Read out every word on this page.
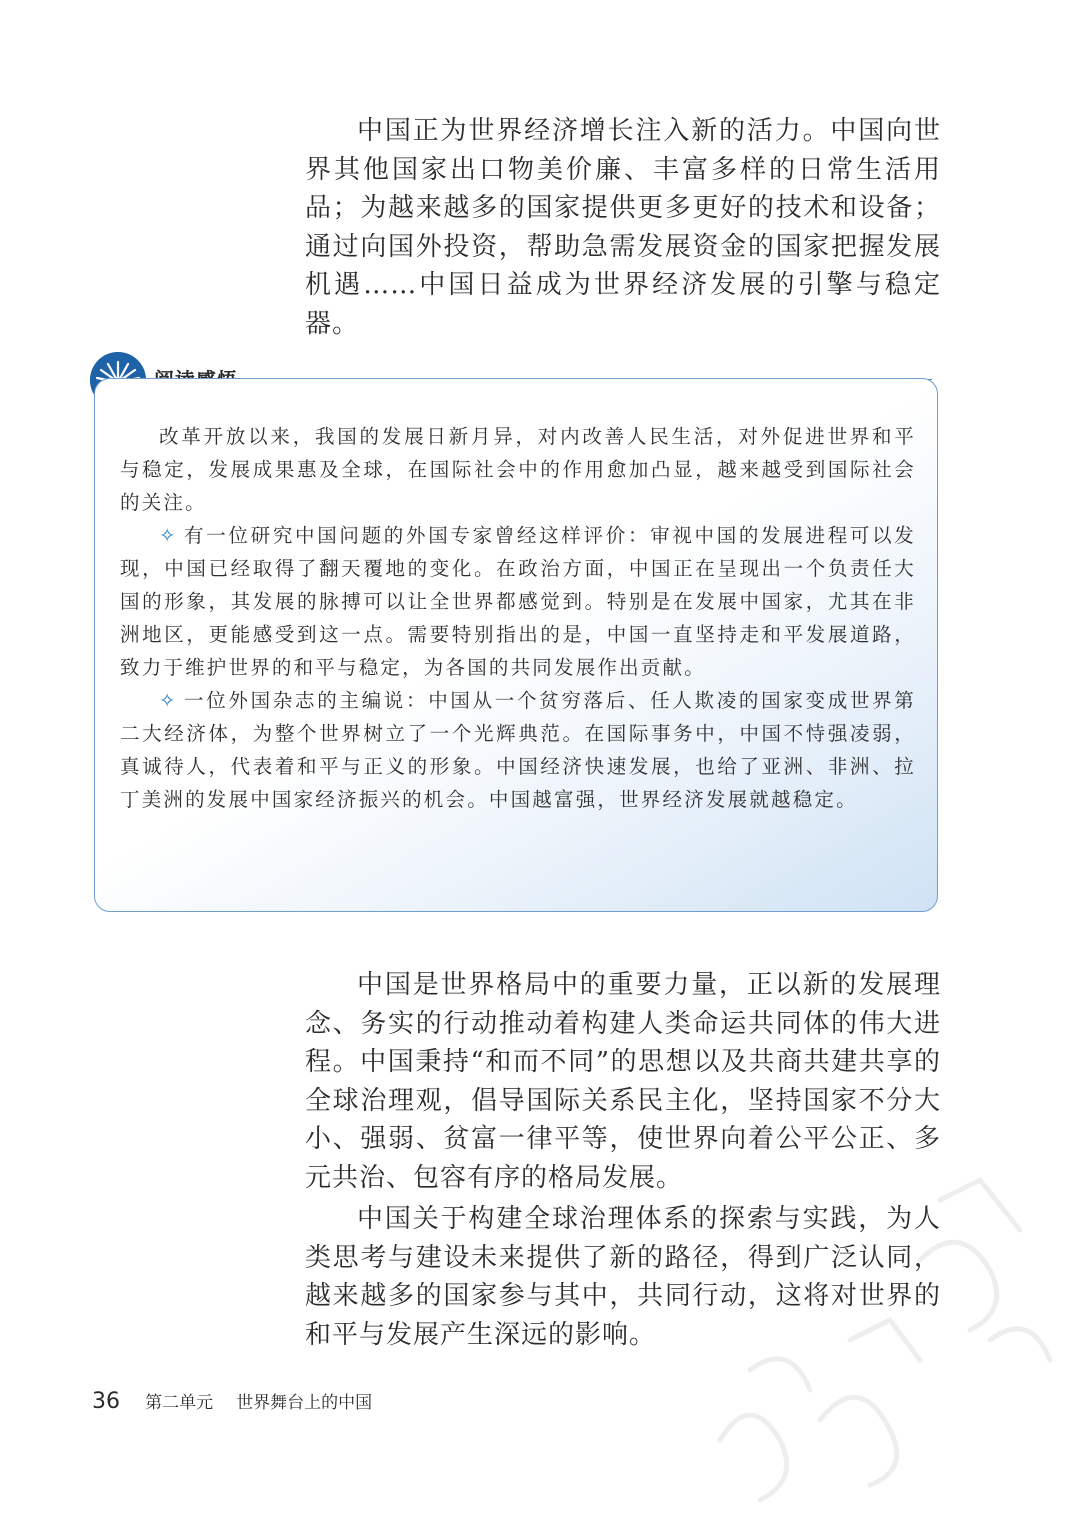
中国正为世界经济增长注入新的活力。中国向世界其他国家出口物美价廉、丰富多样的日常生活用品；为越来越多的国家提供更多更好的技术和设备；通过向国外投资，帮助急需发展资金的国家把握发展机遇……中国日益成为世界经济发展的引擎与稳定器。

改革开放以来，我国的发展日新月异，对内改善人民生活，对外促进世界和平与稳定，发展成果惠及全球，在国际社会中的作用愈加凸显，越来越受到国际社会的关注。

✧ 有一位研究中国问题的外国专家曾经这样评价：审视中国的发展进程可以发现，中国已经取得了翻天覆地的变化。在政治方面，中国正在呈现出一个负责任大国的形象，其发展的脉搏可以让全世界都感觉到。特别是在发展中国家，尤其在非洲地区，更能感受到这一点。需要特别指出的是，中国一直坚持走和平发展道路，致力于维护世界的和平与稳定，为各国的共同发展作出贡献。

✧ 一位外国杂志的主编说：中国从一个贫穷落后、任人欺凌的国家变成世界第二大经济体，为整个世界树立了一个光辉典范。在国际事务中，中国不恃强凌弱，真诚待人，代表着和平与正义的形象。中国经济快速发展，也给了亚洲、非洲、拉丁美洲的发展中国家经济振兴的机会。中国越富强，世界经济发展就越稳定。

中国是世界格局中的重要力量，正以新的发展理念、务实的行动推动着构建人类命运共同体的伟大进程。中国秉持“和而不同”的思想以及共商共建共享的全球治理观，倡导国际关系民主化，坚持国家不分大小、强弱、贫富一律平等，使世界向着公平公正、多元共治、包容有序的格局发展。

中国关于构建全球治理体系的探索与实践，为人类思考与建设未来提供了新的路径，得到广泛认同，越来越多的国家参与其中，共同行动，这将对世界的和平与发展产生深远的影响。

36 第二单元 世界舞台上的中国
